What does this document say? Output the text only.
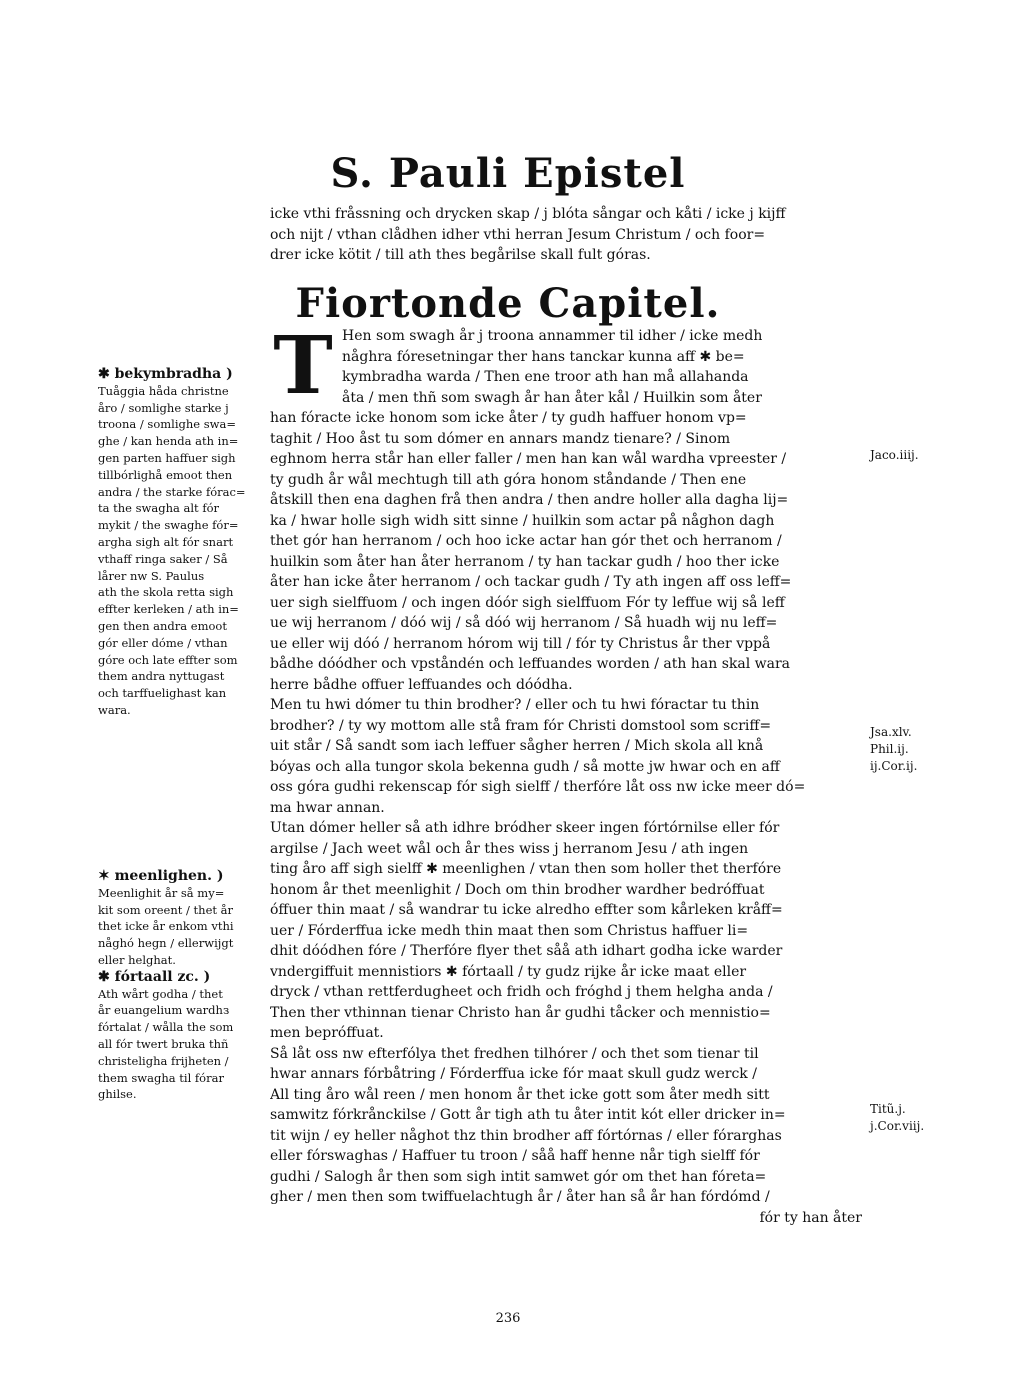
S. Pauli Epistel
icke vthi fråssning och drycken skap / j blóta sångar och kåti / icke j kijff
och nijt / vthan clådhen idher vthi herran Jesum Christum / och foor=
drer icke kötit / till ath thes begårilse skall fult góras.
Fiortonde Capitel.
T Hen som swagh år j troona annammer til idher / icke medh
någhra fóresetningar ther hans tanckar kunna aff ✱ be=
kymbradha warda / Then ene troor ath han må allahanda
åta / men thñ som swagh år han åter kål / Huilkin som åter
han fóracte icke honom som icke åter / ty gudh haffuer honom vp=
taghit / Hoo åst tu som dómer en annars mandz tienare? / Sinom
eghnom herra står han eller faller / men han kan wål wardha vpreester /
ty gudh år wål mechtugh till ath góra honom ståndande / Then ene
åtskill then ena daghen frå then andra / then andre holler alla dagha lij=
ka / hwar holle sigh widh sitt sinne / huilkin som actar på någhon dagh
thet gór han herranom / och hoo icke actar han gór thet och herranom /
huilkin som åter han åter herranom / ty han tackar gudh / hoo ther icke
åter han icke åter herranom / och tackar gudh / Ty ath ingen aff oss leff=
uer sigh sielffuom / och ingen dóór sigh sielffuom Fór ty leffue wij så leff
ue wij herranom / dóó wij / så dóó wij herranom / Så huadh wij nu leff=
ue eller wij dóó / herranom hórom wij till / fór ty Christus år ther vppå
bådhe dóódher och vpståndén och leffuandes worden / ath han skal wara
herre bådhe offuer leffuandes och dóódha.
Men tu hwi dómer tu thin brodher? / eller och tu hwi fóractar tu thin
brodher? / ty wy mottom alle stå fram fór Christi domstool som scriff=
uit står / Så sandt som iach leffuer sågher herren / Mich skola all knå
bóyas och alla tungor skola bekenna gudh / så motte jw hwar och en aff
oss góra gudhi rekenscap fór sigh sielff / therfóre låt oss nw icke meer dó=
ma hwar annan.
Utan dómer heller så ath idhre bródher skeer ingen fórtórnilse eller fór
argilse / Jach weet wål och år thes wiss j herranom Jesu / ath ingen
ting åro aff sigh sielff ✱ meenlighen / vtan then som holler thet therfóre
honom år thet meenlighit / Doch om thin brodher wardher bedróffuat
óffuer thin maat / så wandrar tu icke alredho effter som kårleken kråff=
uer / Fórderffua icke medh thin maat then som Christus haffuer li=
dhit dóódhen fóre / Therfóre flyer thet såå ath idhart godha icke warder
vndergiffuit mennistiors ✱ fórtaall / ty gudz rijke år icke maat eller
dryck / vthan rettferdugheet och fridh och fróghd j them helgha anda /
Then ther vthinnan tienar Christo han år gudhi tåcker och mennistio=
men bepróffuat.
Så låt oss nw efterfólya thet fredhen tilhórer / och thet som tienar til
hwar annars fórbåtring / Fórderffua icke fór maat skull gudz werck /
All ting åro wål reen / men honom år thet icke gott som åter medh sitt
samwitz fórkrånckilse / Gott år tigh ath tu åter intit kót eller dricker in=
tit wijn / ey heller någhot thz thin brodher aff fórtórnas / eller fórarghas
eller fórswaghas / Haffuer tu troon / såå haff henne når tigh sielff fór
gudhi / Salogh år then som sigh intit samwet gór om thet han fóreta=
gher / men then som twiffuelachtugh år / åter han så år han fórdómd /
fór ty han åter
✱ bekymbradha )
Tuåggia håda christne
åro / somlighe starke j
troona / somlighe swa=
ghe / kan henda ath in=
gen parten haffuer sigh
tillbórlighå emoot then
andra / the starke fórac=
ta the swagha alt fór
mykit / the swaghe fór=
argha sigh alt fór snart
vthaff ringa saker / Så
lårer nw S. Paulus
ath the skola retta sigh
effter kerleken / ath in=
gen then andra emoot
gór eller dóme / vthan
góre och late effter som
them andra nyttugast
och tarffuelighast kan
wara.
✶ meenlighen. )
Meenlighit år så my=
kit som oreent / thet år
thet icke år enkom vthi
någhó hegn / ellerwijgt
eller helghat.
✱ fórtaall zc. )
Ath wårt godha / thet
år euangelium wardhз
fórtalat / wålla the som
all fór twert bruka thñ
christeligha frijheten /
them swagha til fórar
ghilse.
Jaco.iiij.
Jsa.xlv.
Phil.ij.
ij.Cor.ij.
Titũ.j.
j.Cor.viij.
236
